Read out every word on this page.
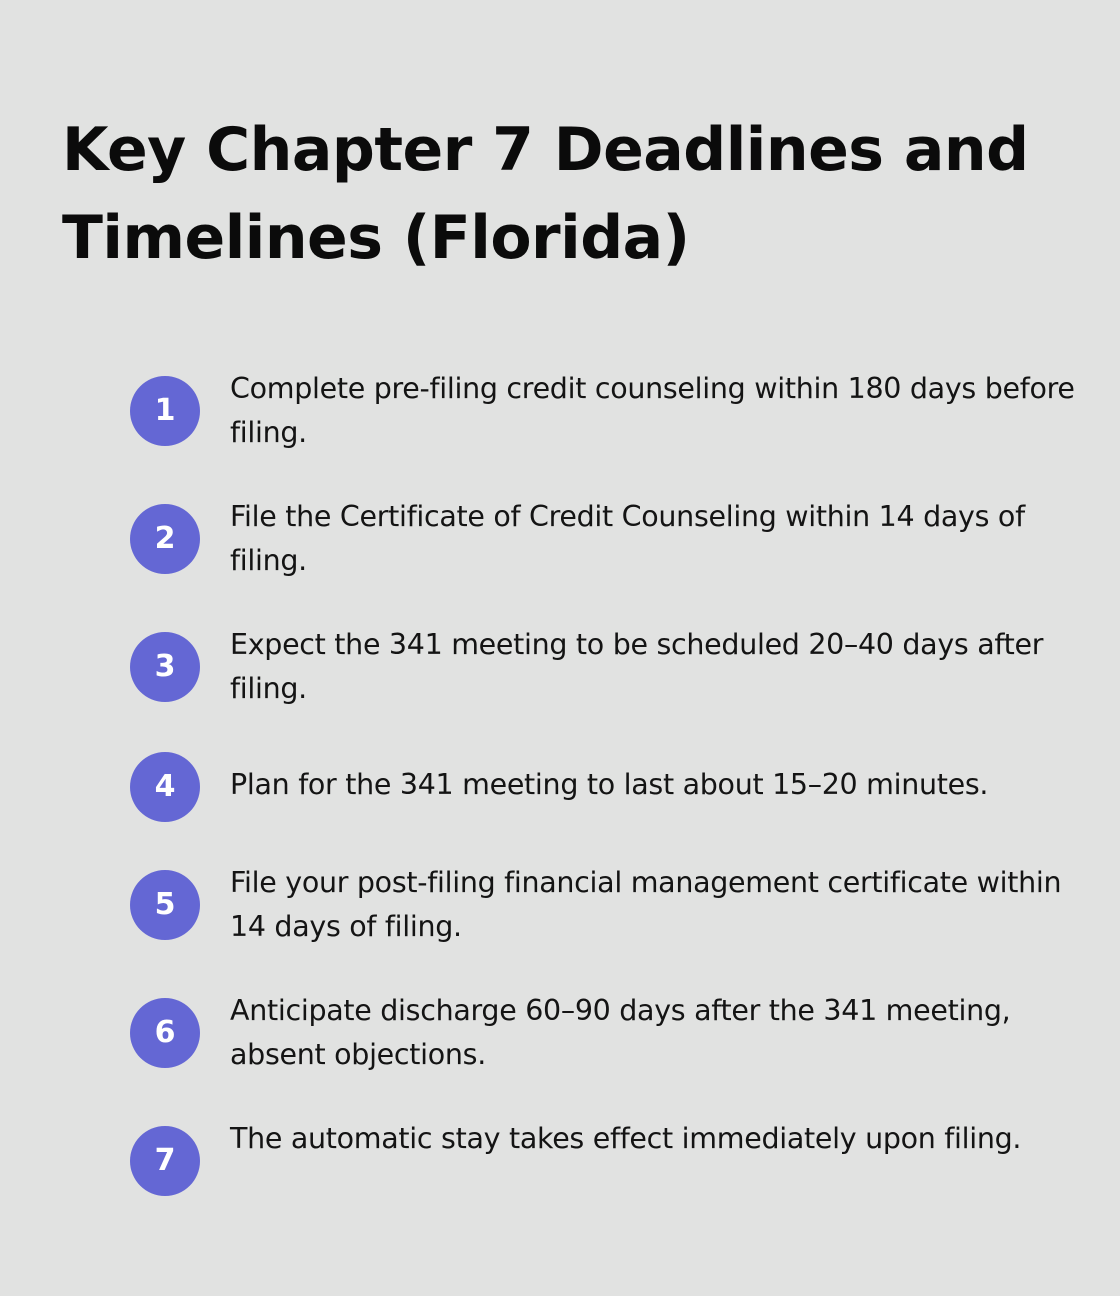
Key Chapter 7 Deadlines and Timelines (Florida)
1
Complete pre-filing credit counseling within 180 days before filing.
2
File the Certificate of Credit Counseling within 14 days of filing.
3
Expect the 341 meeting to be scheduled 20–40 days after filing.
4	Plan for the 341 meeting to last about 15–20 minutes.
5
File your post-filing financial management certificate within 14 days of filing.
6
Anticipate discharge 60–90 days after the 341 meeting, absent objections.
7
The automatic stay takes effect immediately upon filing.
